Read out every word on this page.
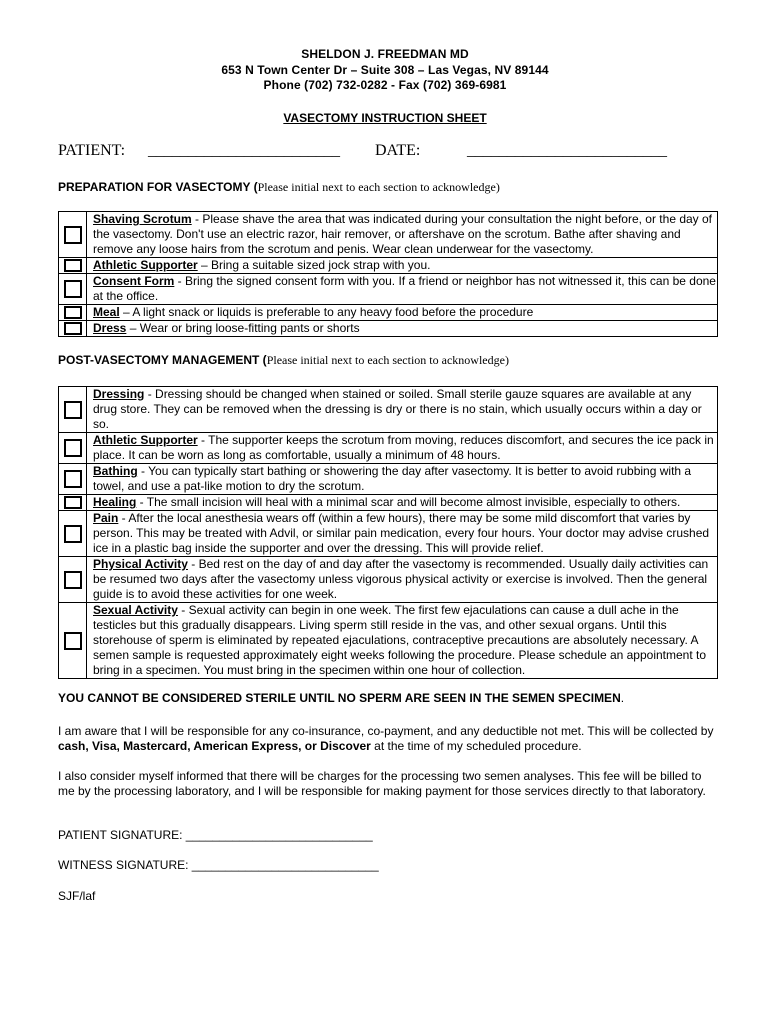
SHELDON J. FREEDMAN MD
653 N Town Center Dr – Suite 308 – Las Vegas, NV 89144
Phone (702) 732-0282 - Fax (702) 369-6981
VASECTOMY INSTRUCTION SHEET
PATIENT: ________________________ DATE:	_________________________
PREPARATION FOR VASECTOMY (Please initial next to each section to acknowledge)
	Shaving Scrotum - Please shave the area that was indicated during your consultation the night before, or the day of the vasectomy. Don't use an electric razor, hair remover, or aftershave on the scrotum. Bathe after shaving and remove any loose hairs from the scrotum and penis. Wear clean underwear for the vasectomy.
	Athletic Supporter – Bring a suitable sized jock strap with you.
	Consent Form - Bring the signed consent form with you. If a friend or neighbor has not witnessed it, this can be done at the office.
	Meal – A light snack or liquids is preferable to any heavy food before the procedure
	Dress – Wear or bring loose-fitting pants or shorts
POST-VASECTOMY MANAGEMENT (Please initial next to each section to acknowledge)
	Dressing - Dressing should be changed when stained or soiled. Small sterile gauze squares are available at any drug store. They can be removed when the dressing is dry or there is no stain, which usually occurs within a day or so.
	Athletic Supporter - The supporter keeps the scrotum from moving, reduces discomfort, and secures the ice pack in place. It can be worn as long as comfortable, usually a minimum of 48 hours.
	Bathing - You can typically start bathing or showering the day after vasectomy. It is better to avoid rubbing with a towel, and use a pat-like motion to dry the scrotum.
	Healing - The small incision will heal with a minimal scar and will become almost invisible, especially to others.
	Pain - After the local anesthesia wears off (within a few hours), there may be some mild discomfort that varies by person. This may be treated with Advil, or similar pain medication, every four hours. Your doctor may advise crushed ice in a plastic bag inside the supporter and over the dressing. This will provide relief.
	Physical Activity - Bed rest on the day of and day after the vasectomy is recommended. Usually daily activities can be resumed two days after the vasectomy unless vigorous physical activity or exercise is involved. Then the general guide is to avoid these activities for one week.
	Sexual Activity - Sexual activity can begin in one week. The first few ejaculations can cause a dull ache in the testicles but this gradually disappears. Living sperm still reside in the vas, and other sexual organs. Until this storehouse of sperm is eliminated by repeated ejaculations, contraceptive precautions are absolutely necessary. A semen sample is requested approximately eight weeks following the procedure. Please schedule an appointment to bring in a specimen. You must bring in the specimen within one hour of collection.
YOU CANNOT BE CONSIDERED STERILE UNTIL NO SPERM ARE SEEN IN THE SEMEN SPECIMEN.
I am aware that I will be responsible for any co-insurance, co-payment, and any deductible not met. This will be collected by cash, Visa, Mastercard, American Express, or Discover at the time of my scheduled procedure.
I also consider myself informed that there will be charges for the processing two semen analyses. This fee will be billed to me by the processing laboratory, and I will be responsible for making payment for those services directly to that laboratory.
PATIENT SIGNATURE: ____________________________
WITNESS SIGNATURE: ____________________________
SJF/laf
